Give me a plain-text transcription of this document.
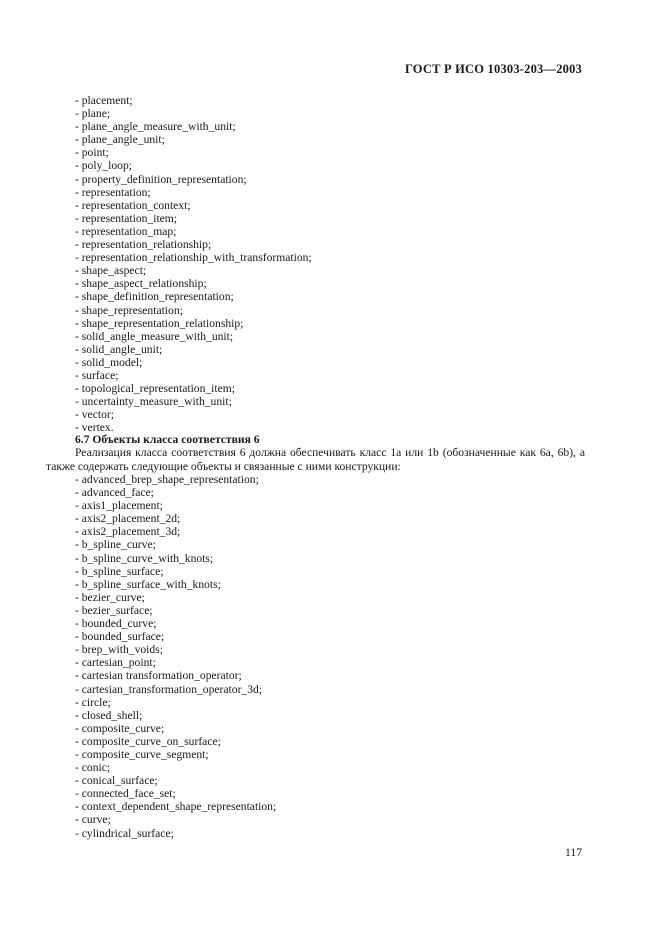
ГОСТ Р ИСО 10303-203—2003
- placement;
- plane;
- plane_angle_measure_with_unit;
- plane_angle_unit;
- point;
- poly_loop;
- property_definition_representation;
- representation;
- representation_context;
- representation_item;
- representation_map;
- representation_relationship;
- representation_relationship_with_transformation;
- shape_aspect;
- shape_aspect_relationship;
- shape_definition_representation;
- shape_representation;
- shape_representation_relationship;
- solid_angle_measure_with_unit;
- solid_angle_unit;
- solid_model;
- surface;
- topological_representation_item;
- uncertainty_measure_with_unit;
- vector;
- vertex.
6.7 Объекты класса соответствия 6
Реализация класса соответствия 6 должна обеспечивать класс 1а или 1b (обозначенные как 6а, 6b), а также содержать следующие объекты и связанные с ними конструкции:
- advanced_brep_shape_representation;
- advanced_face;
- axis1_placement;
- axis2_placement_2d;
- axis2_placement_3d;
- b_spline_curve;
- b_spline_curve_with_knots;
- b_spline_surface;
- b_spline_surface_with_knots;
- bezier_curve;
- bezier_surface;
- bounded_curve;
- bounded_surface;
- brep_with_voids;
- cartesian_point;
- cartesian transformation_operator;
- cartesian_transformation_operator_3d;
- circle;
- closed_shell;
- composite_curve;
- composite_curve_on_surface;
- composite_curve_segment;
- conic;
- conical_surface;
- connected_face_set;
- context_dependent_shape_representation;
- curve;
- cylindrical_surface;
117
